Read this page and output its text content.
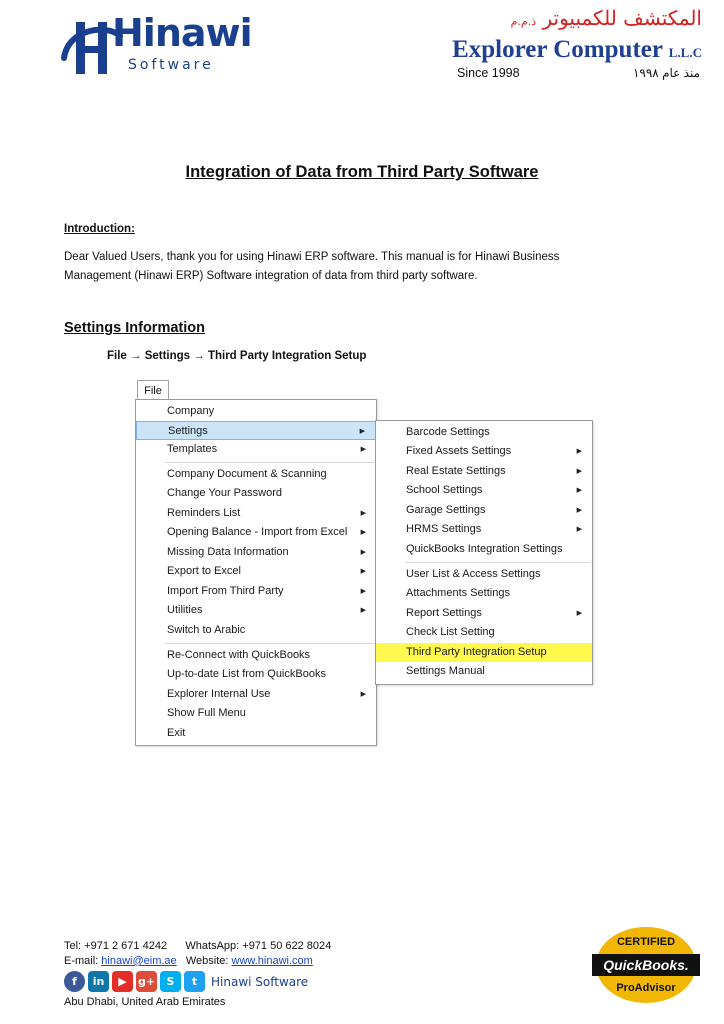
Hinawi
Software
المكتشف للكمبيوتر ذ.م.م
Explorer Computer L.L.C
Since 1998	منذ عام ١٩٩٨
Integration of Data from Third Party Software
Introduction:
Dear Valued Users, thank you for using Hinawi ERP software. This manual is for Hinawi Business Management (Hinawi ERP) Software integration of data from third party software.
Settings Information
File → Settings → Third Party Integration Setup
File
Company
Settings	▶
Templates	▶
Company Document & Scanning
Change Your Password
Reminders List	▶
Opening Balance - Import from Excel ▶
Missing Data Information	▶
Export to Excel	▶
Import From Third Party	▶
Utilities	▶
Switch to Arabic
Re-Connect with QuickBooks
Up-to-date List from QuickBooks
Explorer Internal Use	▶
Show Full Menu
Exit
Barcode Settings
Fixed Assets Settings	▶
Real Estate Settings	▶
School Settings	▶
Garage Settings	▶
HRMS Settings	▶
QuickBooks Integration Settings
User List & Access Settings
Attachments Settings
Report Settings	▶
Check List Setting
Third Party Integration Setup
Settings Manual
Tel: +971 2 671 4242 WhatsApp: +971 50 622 8024
E-mail: hinawi@eim.ae Website: www.hinawi.com
f	in	▶	g+	S	t	Hinawi Software
Abu Dhabi, United Arab Emirates
CERTIFIED
QuickBooks.
ProAdvisor
